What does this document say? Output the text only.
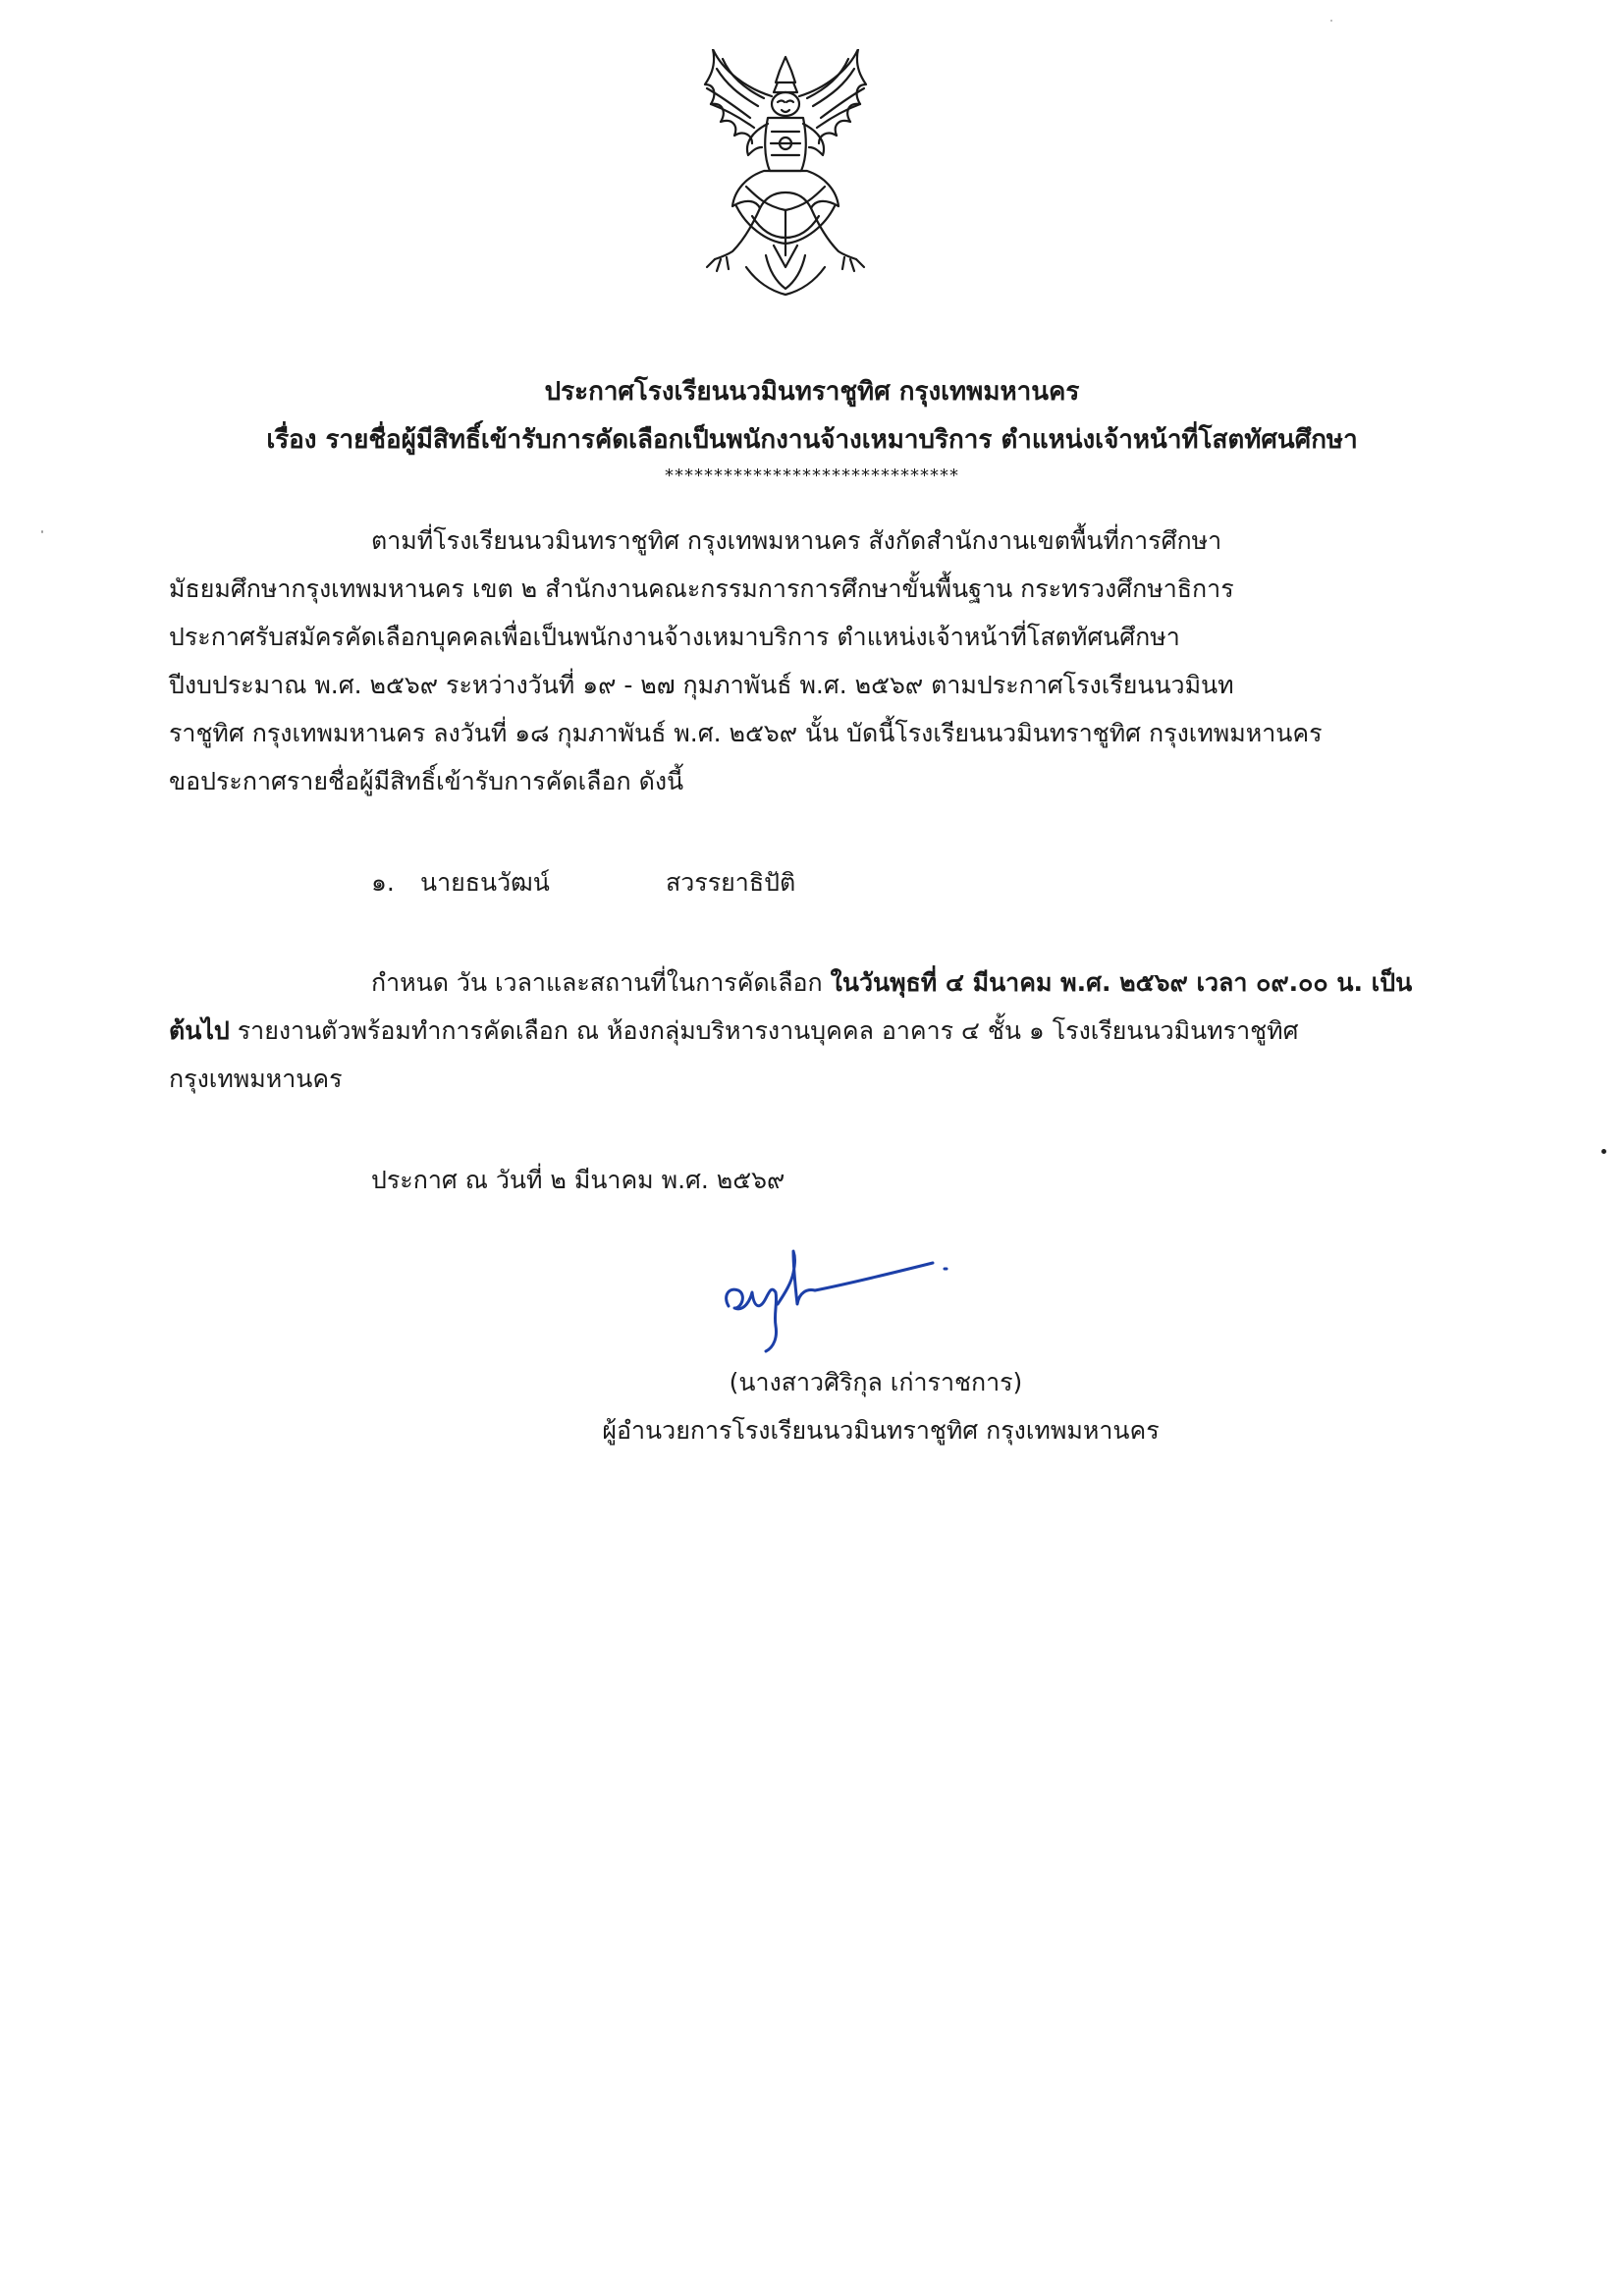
ประกาศโรงเรียนนวมินทราชูทิศ กรุงเทพมหานคร
เรื่อง รายชื่อผู้มีสิทธิ์เข้ารับการคัดเลือกเป็นพนักงานจ้างเหมาบริการ ตำแหน่งเจ้าหน้าที่โสตทัศนศึกษา
******************************
ตามที่โรงเรียนนวมินทราชูทิศ กรุงเทพมหานคร สังกัดสำนักงานเขตพื้นที่การศึกษา
มัธยมศึกษากรุงเทพมหานคร เขต ๒ สำนักงานคณะกรรมการการศึกษาขั้นพื้นฐาน กระทรวงศึกษาธิการ
ประกาศรับสมัครคัดเลือกบุคคลเพื่อเป็นพนักงานจ้างเหมาบริการ ตำแหน่งเจ้าหน้าที่โสตทัศนศึกษา
ปีงบประมาณ พ.ศ. ๒๕๖๙ ระหว่างวันที่ ๑๙ - ๒๗ กุมภาพันธ์ พ.ศ. ๒๕๖๙ ตามประกาศโรงเรียนนวมินท
ราชูทิศ กรุงเทพมหานคร ลงวันที่ ๑๘ กุมภาพันธ์ พ.ศ. ๒๕๖๙ นั้น บัดนี้โรงเรียนนวมินทราชูทิศ กรุงเทพมหานคร
ขอประกาศรายชื่อผู้มีสิทธิ์เข้ารับการคัดเลือก ดังนี้
๑. นายธนวัฒน์	สวรรยาธิปัติ
กำหนด วัน เวลาและสถานที่ในการคัดเลือก ในวันพุธที่ ๔ มีนาคม พ.ศ. ๒๕๖๙ เวลา ๐๙.๐๐ น. เป็น
ต้นไป รายงานตัวพร้อมทำการคัดเลือก ณ ห้องกลุ่มบริหารงานบุคคล อาคาร ๔ ชั้น ๑ โรงเรียนนวมินทราชูทิศ
กรุงเทพมหานคร
ประกาศ ณ วันที่ ๒ มีนาคม พ.ศ. ๒๕๖๙
(นางสาวศิริกุล เก่าราชการ)
ผู้อำนวยการโรงเรียนนวมินทราชูทิศ กรุงเทพมหานคร
